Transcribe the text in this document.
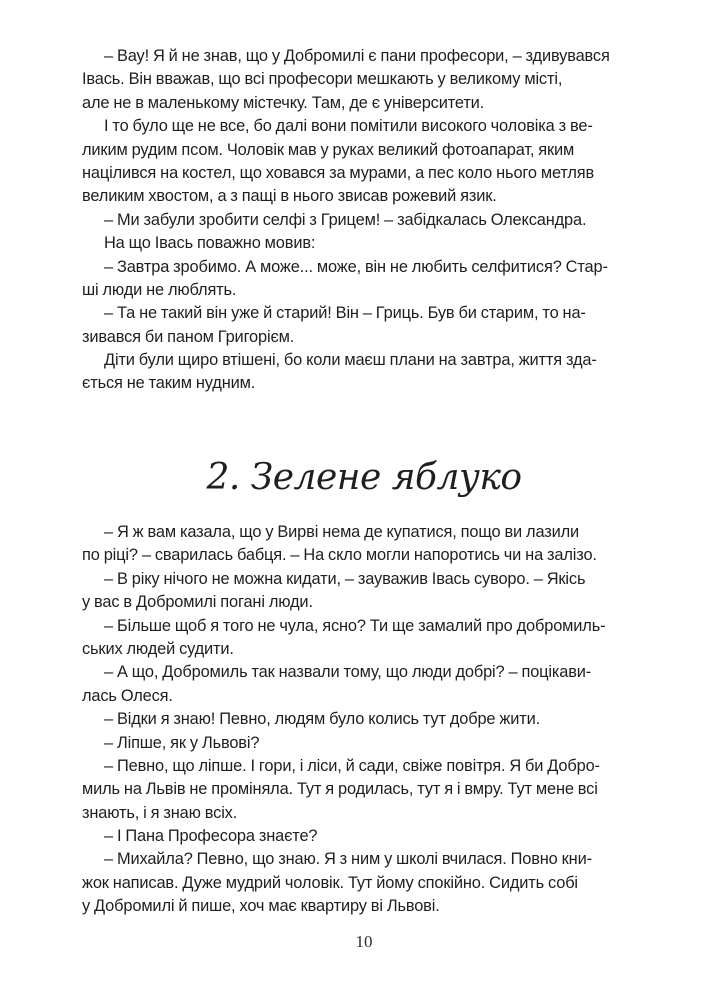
– Вау! Я й не знав, що у Добромилі є пани професори, – здивувався
Івась. Він вважав, що всі професори мешкають у великому місті,
але не в маленькому містечку. Там, де є університети.
І то було ще не все, бо далі вони помітили високого чоловіка з ве-
ликим рудим псом. Чоловік мав у руках великий фотоапарат, яким
націлився на костел, що ховався за мурами, а пес коло нього метляв
великим хвостом, а з пащі в нього звисав рожевий язик.
– Ми забули зробити селфі з Грицем! – забідкалась Олександра.
На що Івась поважно мовив:
– Завтра зробимо. А може... може, він не любить селфитися? Стар-
ші люди не люблять.
– Та не такий він уже й старий! Він – Гриць. Був би старим, то на-
зивався би паном Григорієм.
Діти були щиро втішені, бо коли маєш плани на завтра, життя зда-
ється не таким нудним.
2. Зелене яблуко
– Я ж вам казала, що у Вирві нема де купатися, пощо ви лазили
по ріці? – сварилась бабця. – На скло могли напоротись чи на залізо.
– В ріку нічого не можна кидати, – зауважив Івась суворо. – Якісь
у вас в Добромилі погані люди.
– Більше щоб я того не чула, ясно? Ти ще замалий про добромиль-
ських людей судити.
– А що, Добромиль так назвали тому, що люди добрі? – поцікави-
лась Олеся.
– Відки я знаю! Певно, людям було колись тут добре жити.
– Ліпше, як у Львові?
– Певно, що ліпше. І гори, і ліси, й сади, свіже повітря. Я би Добро-
миль на Львів не проміняла. Тут я родилась, тут я і вмру. Тут мене всі
знають, і я знаю всіх.
– І Пана Професора знаєте?
– Михайла? Певно, що знаю. Я з ним у школі вчилася. Повно кни-
жок написав. Дуже мудрий чоловік. Тут йому спокійно. Сидить собі
у Добромилі й пише, хоч має квартиру ві Львові.
10
